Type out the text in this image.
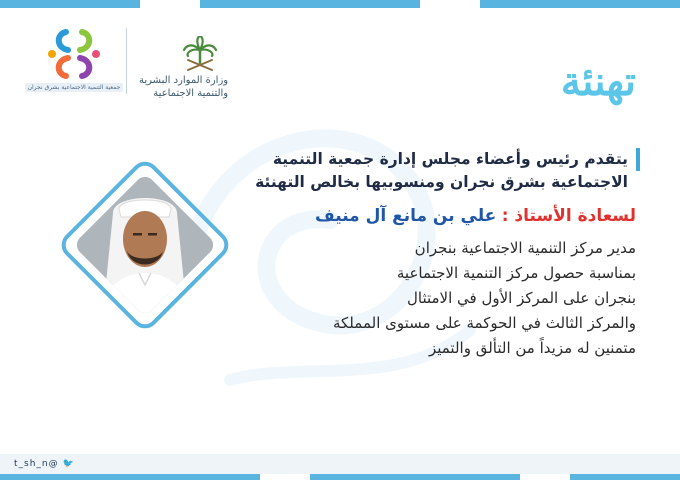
جمعية التنمية الاجتماعية بشرق نجران
وزارة الموارد البشرية
والتنمية الاجتماعية	تهنئة
يتقدم رئيس وأعضاء مجلس إدارة جمعية التنمية
الاجتماعية بشرق نجران ومنسوبيها بخالص التهنئة
لسعادة الأستاذ : علي بن مانع آل منيف
مدير مركز التنمية الاجتماعية بنجران
بمناسبة حصول مركز التنمية الاجتماعية
بنجران على المركز الأول في الامتثال
والمركز الثالث في الحوكمة على مستوى المملكة
متمنين له مزيداً من التألق والتميز
t_sh_n@ 🐦
